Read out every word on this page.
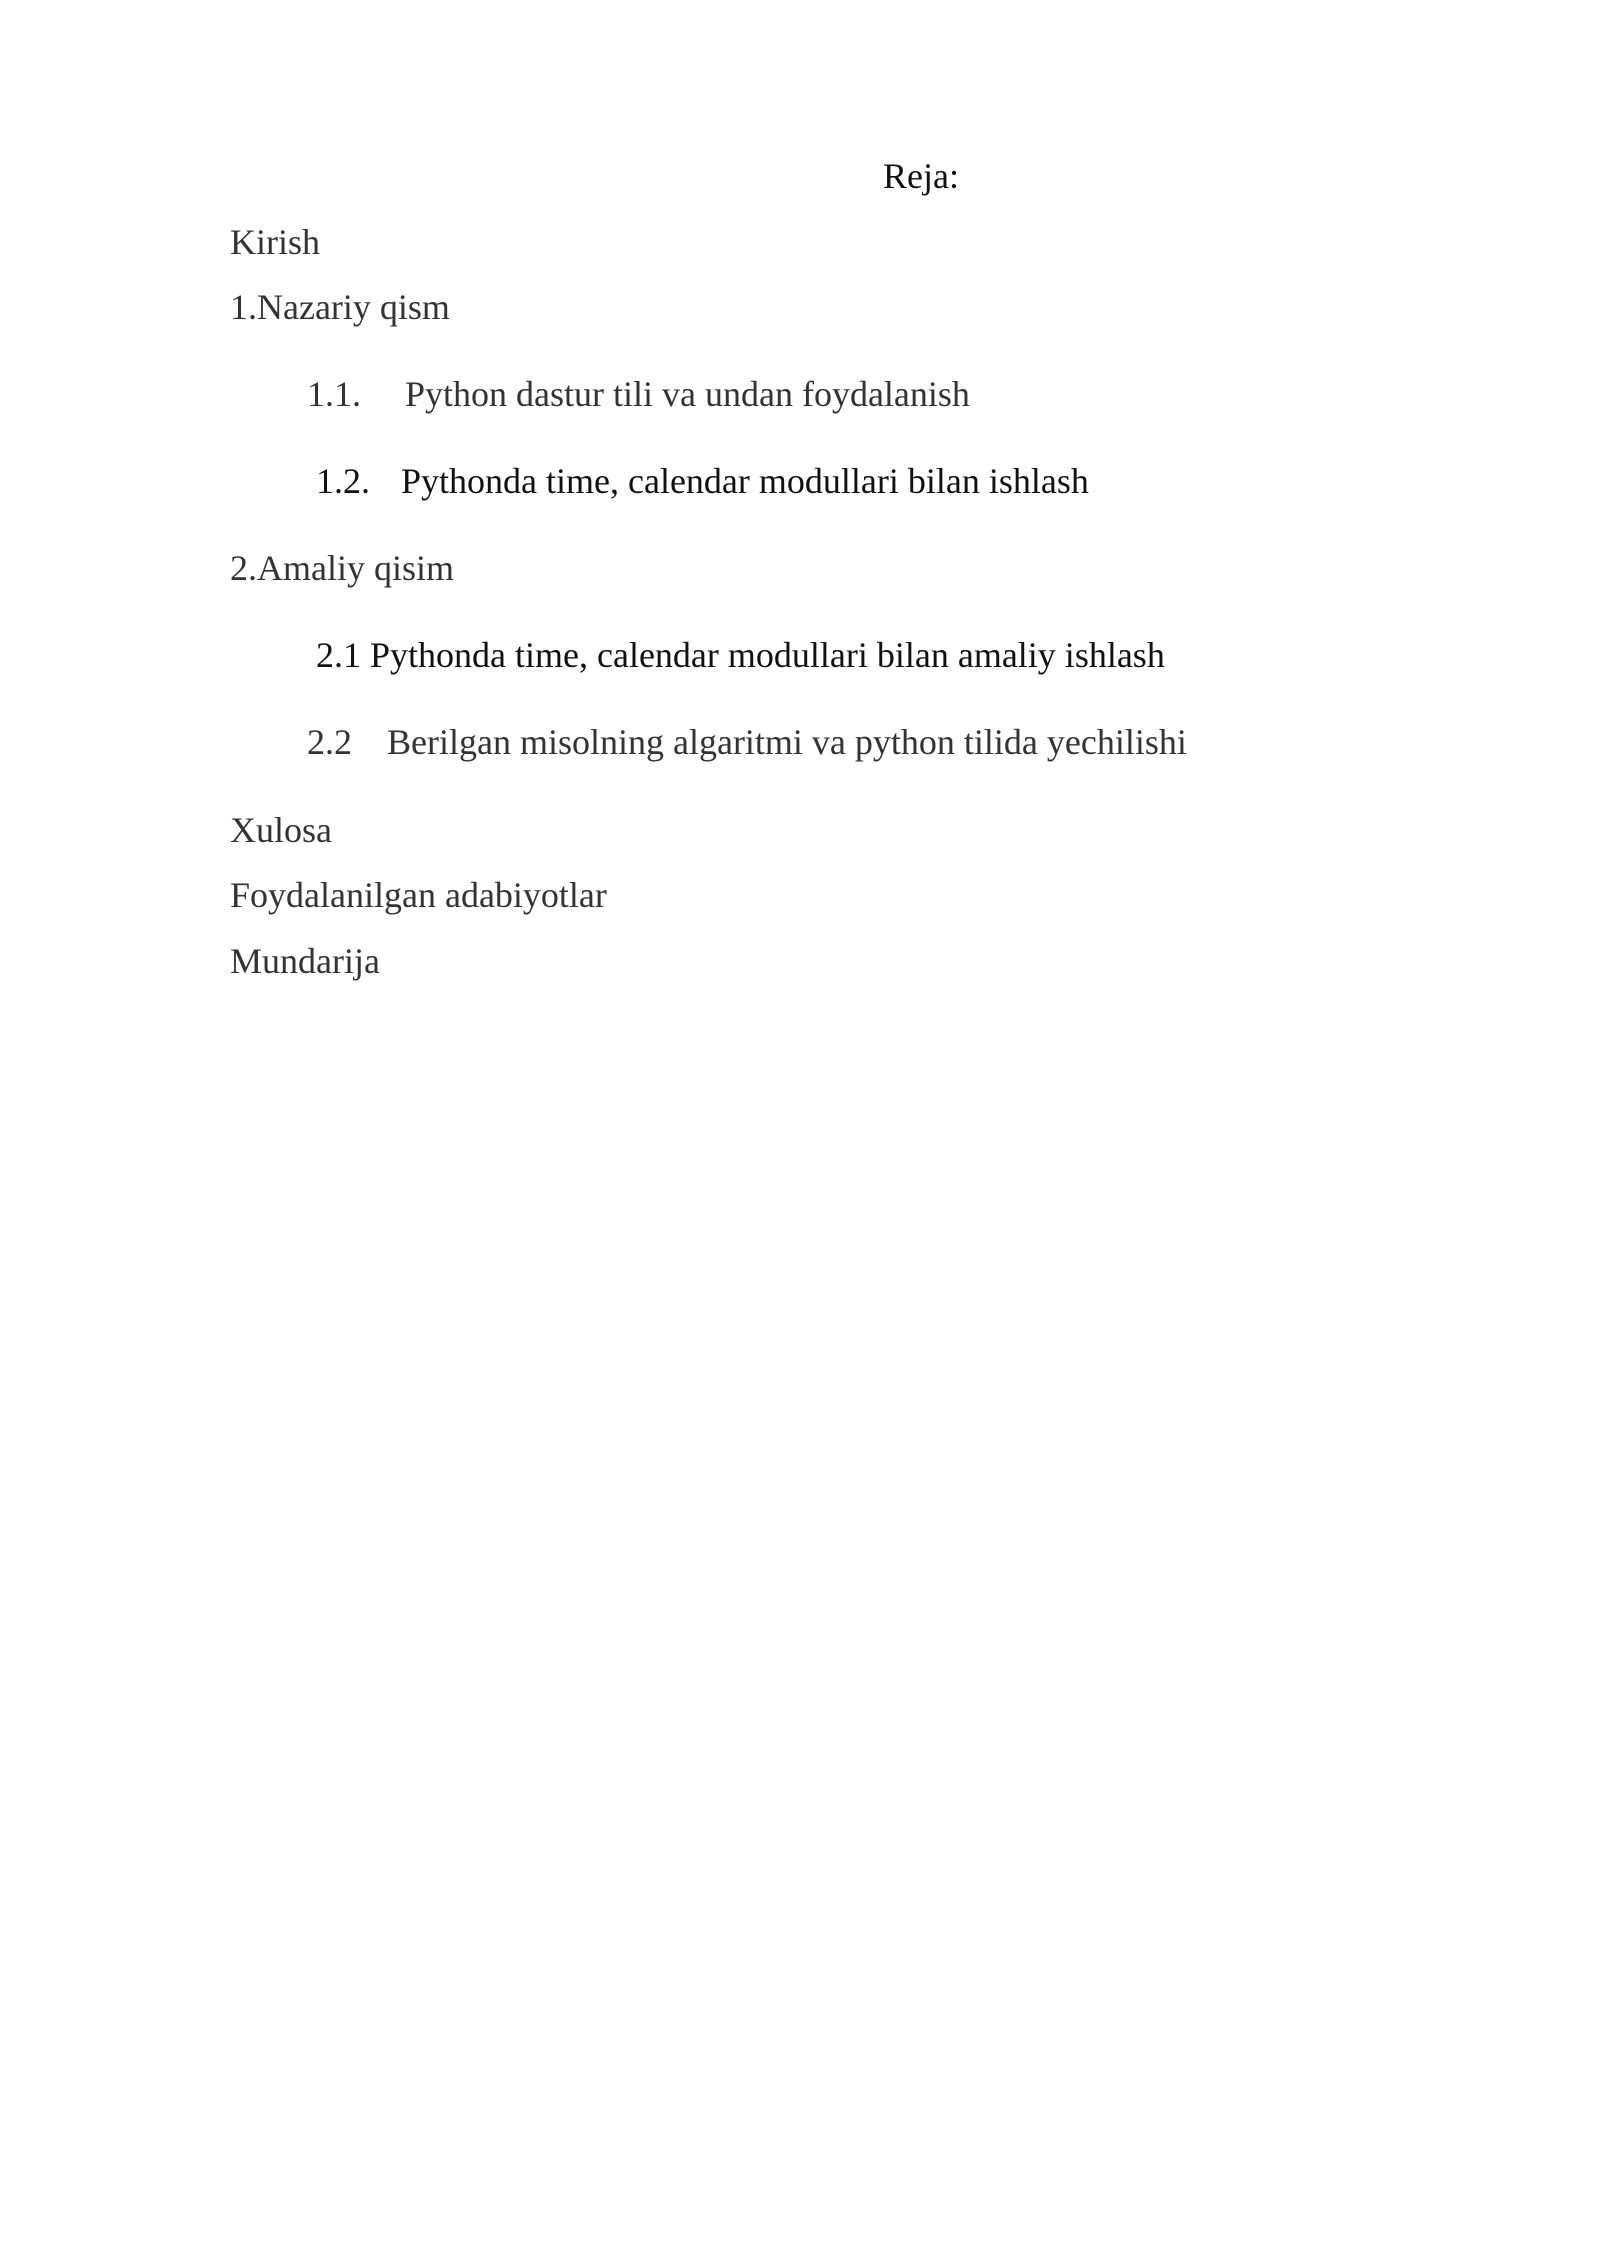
Reja:
Kirish
1.Nazariy qism
1.1. Python dastur tili va undan foydalanish
1.2. Pythonda time, calendar modullari bilan ishlash
2.Amaliy qisim
2.1 Pythonda time, calendar modullari bilan amaliy ishlash
2.2 Berilgan misolning algaritmi va python tilida yechilishi
Xulosa
Foydalanilgan adabiyotlar
Mundarija
